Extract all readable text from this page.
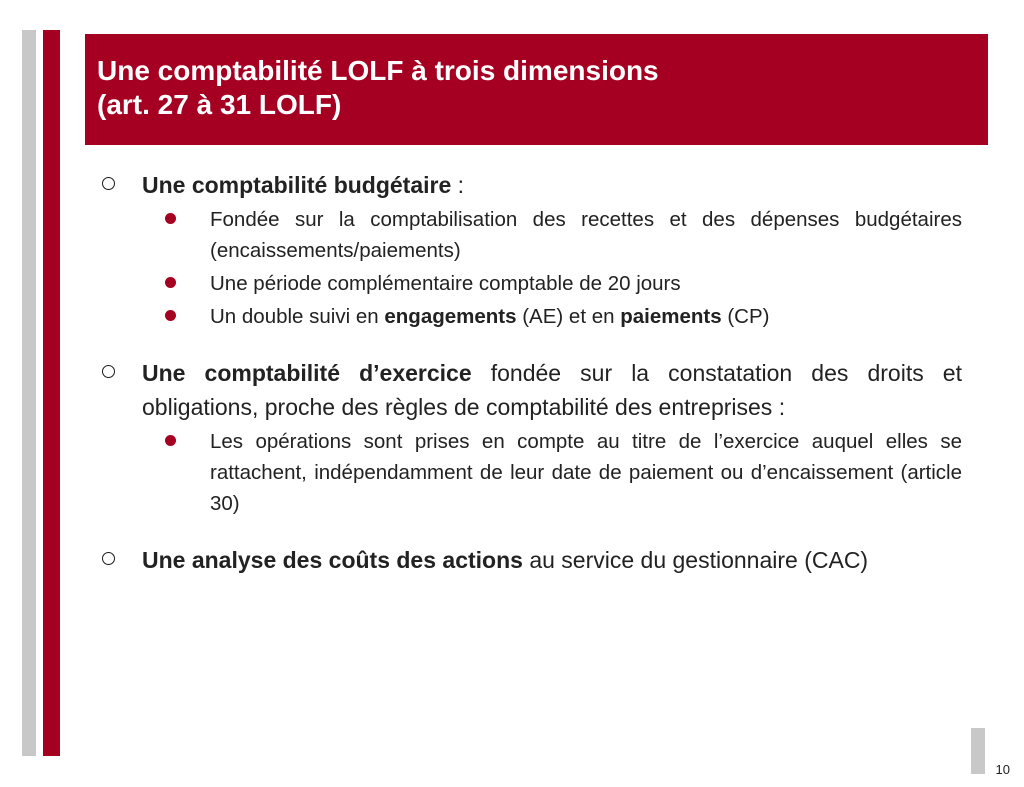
Une comptabilité LOLF à trois dimensions
(art. 27 à 31 LOLF)
Une comptabilité budgétaire :
Fondée sur la comptabilisation des recettes et des dépenses budgétaires (encaissements/paiements)
Une période complémentaire comptable de 20 jours
Un double suivi en engagements (AE) et en paiements (CP)
Une comptabilité d’exercice fondée sur la constatation des droits et obligations, proche des règles de comptabilité des entreprises :
Les opérations sont prises en compte au titre de l’exercice auquel elles se rattachent, indépendamment de leur date de paiement ou d’encaissement (article 30)
Une analyse des coûts des actions au service du gestionnaire (CAC)
10
